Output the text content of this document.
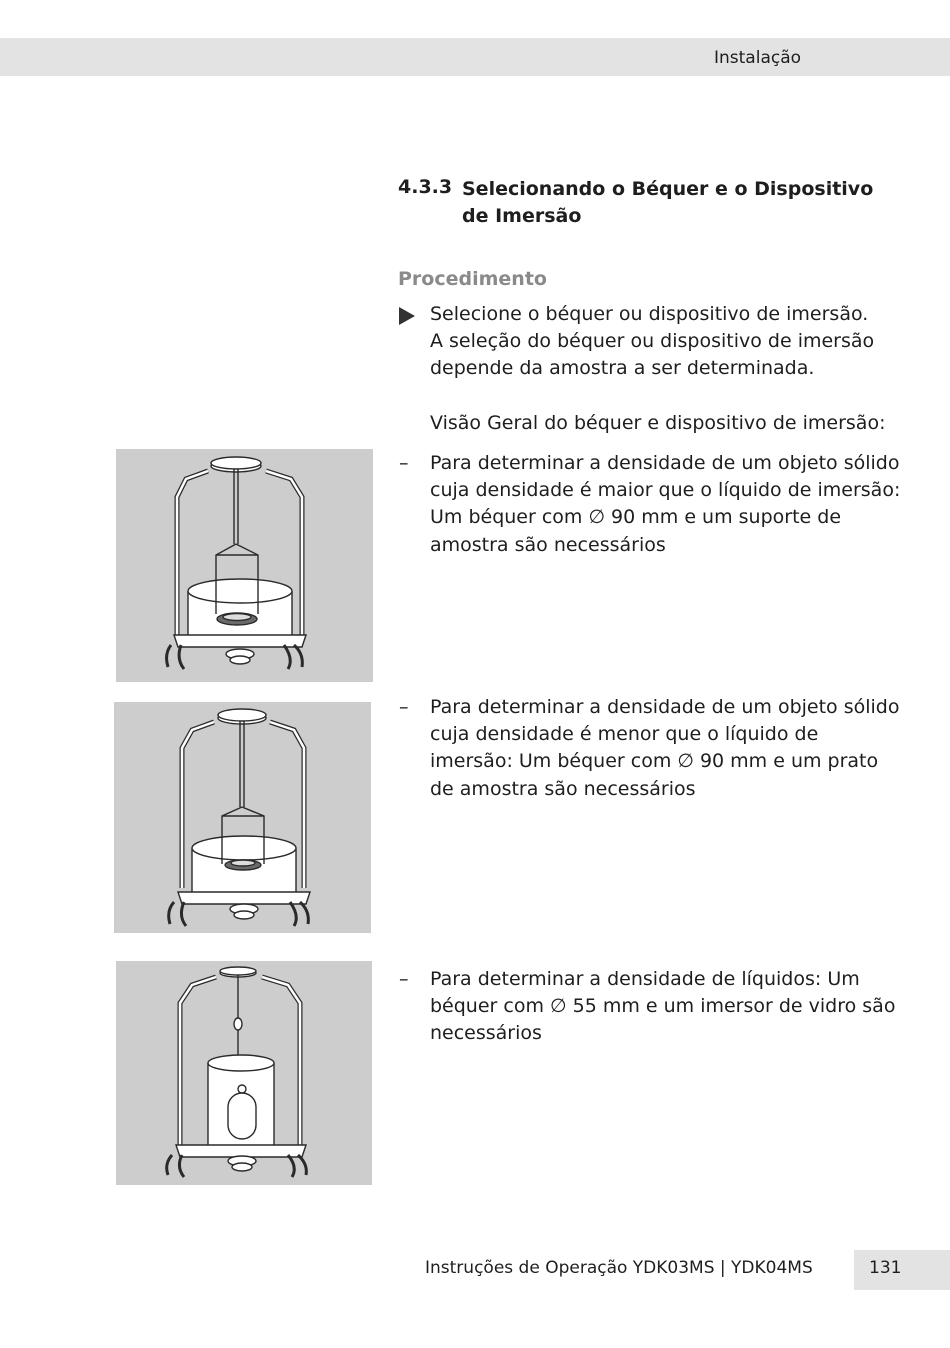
Instalação
4.3.3 Selecionando o Béquer e o Dispositivo de Imersão
Procedimento

Selecione o béquer ou dispositivo de imersão.

A seleção do béquer ou dispositivo de imersão depende da amostra a ser determinada.

Visão Geral do béquer e dispositivo de imersão:
– Para determinar a densidade de um objeto sólido cuja densidade é maior que o líquido de imersão: Um béquer com ∅ 90 mm e um suporte de amostra são necessários
– Para determinar a densidade de um objeto sólido cuja densidade é menor que o líquido de imersão: Um béquer com ∅ 90 mm e um prato de amostra são necessários
– Para determinar a densidade de líquidos: Um béquer com ∅ 55 mm e um imersor de vidro são necessários
Instruções de Operação YDK03MS | YDK04MS	131
